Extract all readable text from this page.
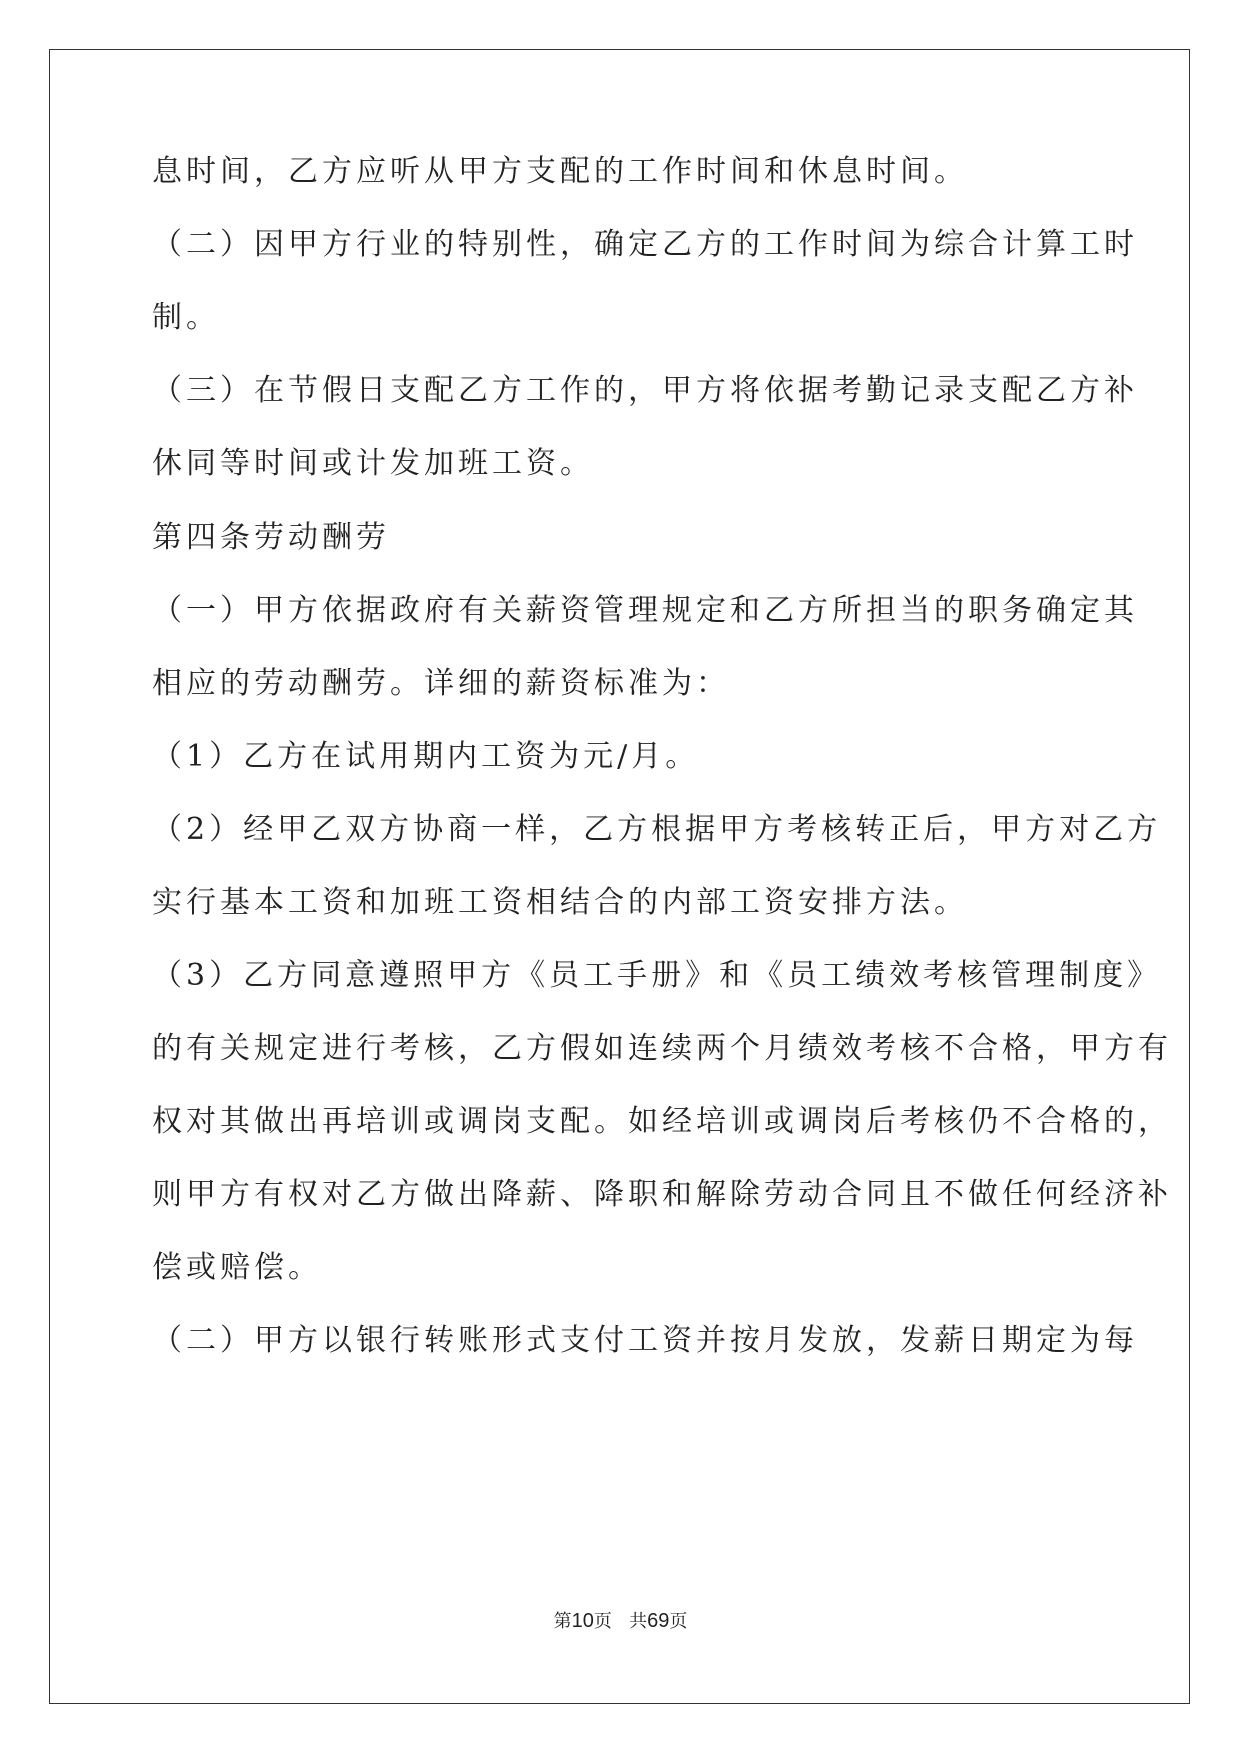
息时间，乙方应听从甲方支配的工作时间和休息时间。
（二）因甲方行业的特别性，确定乙方的工作时间为综合计算工时
制。
（三）在节假日支配乙方工作的，甲方将依据考勤记录支配乙方补
休同等时间或计发加班工资。
第四条劳动酬劳
（一）甲方依据政府有关薪资管理规定和乙方所担当的职务确定其
相应的劳动酬劳。详细的薪资标准为：
（1）乙方在试用期内工资为元/月。
（2）经甲乙双方协商一样，乙方根据甲方考核转正后，甲方对乙方
实行基本工资和加班工资相结合的内部工资安排方法。
（3）乙方同意遵照甲方《员工手册》和《员工绩效考核管理制度》
的有关规定进行考核，乙方假如连续两个月绩效考核不合格，甲方有
权对其做出再培训或调岗支配。如经培训或调岗后考核仍不合格的，
则甲方有权对乙方做出降薪、降职和解除劳动合同且不做任何经济补
偿或赔偿。
（二）甲方以银行转账形式支付工资并按月发放，发薪日期定为每
第10页 共69页
